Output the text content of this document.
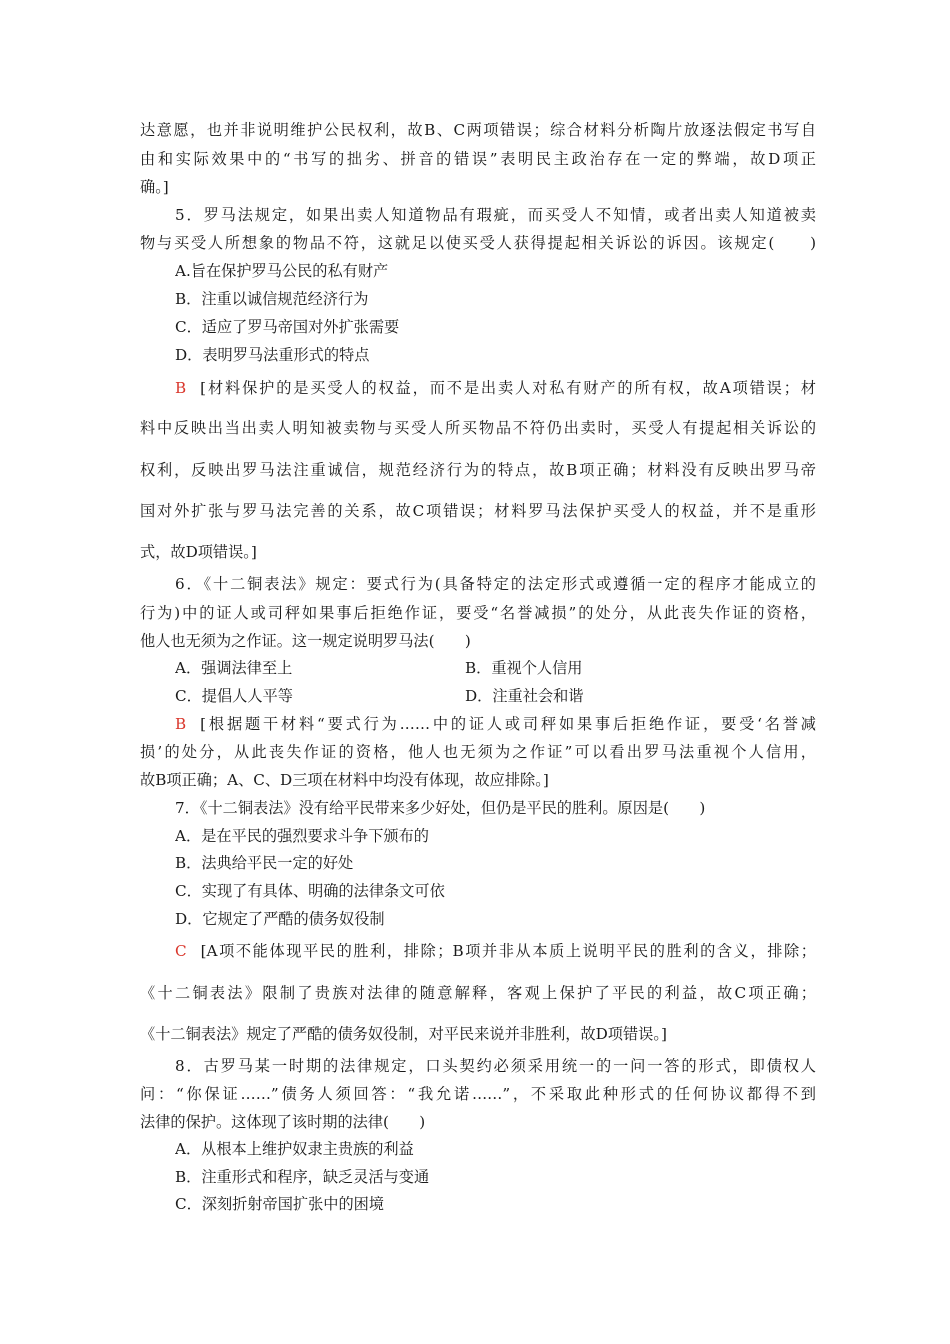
达意愿，也并非说明维护公民权利，故B、C两项错误；综合材料分析陶片放逐法假定书写自
由和实际效果中的“书写的拙劣、拼音的错误”表明民主政治存在一定的弊端，故D项正
确。]
5．罗马法规定，如果出卖人知道物品有瑕疵，而买受人不知情，或者出卖人知道被卖
物与买受人所想象的物品不符，这就足以使买受人获得提起相关诉讼的诉因。该规定(　　)
A.旨在保护罗马公民的私有财产
B．注重以诚信规范经济行为
C．适应了罗马帝国对外扩张需要
D．表明罗马法重形式的特点
B [材料保护的是买受人的权益，而不是出卖人对私有财产的所有权，故A项错误；材
料中反映出当出卖人明知被卖物与买受人所买物品不符仍出卖时，买受人有提起相关诉讼的
权利，反映出罗马法注重诚信，规范经济行为的特点，故B项正确；材料没有反映出罗马帝
国对外扩张与罗马法完善的关系，故C项错误；材料罗马法保护买受人的权益，并不是重形
式，故D项错误。]
6．《十二铜表法》规定：要式行为(具备特定的法定形式或遵循一定的程序才能成立的
行为)中的证人或司秤如果事后拒绝作证，要受“名誉减损”的处分，从此丧失作证的资格，
他人也无须为之作证。这一规定说明罗马法(　　)
A．强调法律至上	B．重视个人信用
C．提倡人人平等	D．注重社会和谐
B [根据题干材料“要式行为……中的证人或司秤如果事后拒绝作证，要受‘名誉减
损’的处分，从此丧失作证的资格，他人也无须为之作证”可以看出罗马法重视个人信用，
故B项正确；A、C、D三项在材料中均没有体现，故应排除。]
7．《十二铜表法》没有给平民带来多少好处，但仍是平民的胜利。原因是(　　)
A．是在平民的强烈要求斗争下颁布的
B．法典给平民一定的好处
C．实现了有具体、明确的法律条文可依
D．它规定了严酷的债务奴役制
C [A项不能体现平民的胜利，排除；B项并非从本质上说明平民的胜利的含义，排除；
《十二铜表法》限制了贵族对法律的随意解释，客观上保护了平民的利益，故C项正确；
《十二铜表法》规定了严酷的债务奴役制，对平民来说并非胜利，故D项错误。]
8．古罗马某一时期的法律规定，口头契约必须采用统一的一问一答的形式，即债权人
问：“你保证……”债务人须回答：“我允诺……”，不采取此种形式的任何协议都得不到
法律的保护。这体现了该时期的法律(　　)
A．从根本上维护奴隶主贵族的利益
B．注重形式和程序，缺乏灵活与变通
C．深刻折射帝国扩张中的困境
